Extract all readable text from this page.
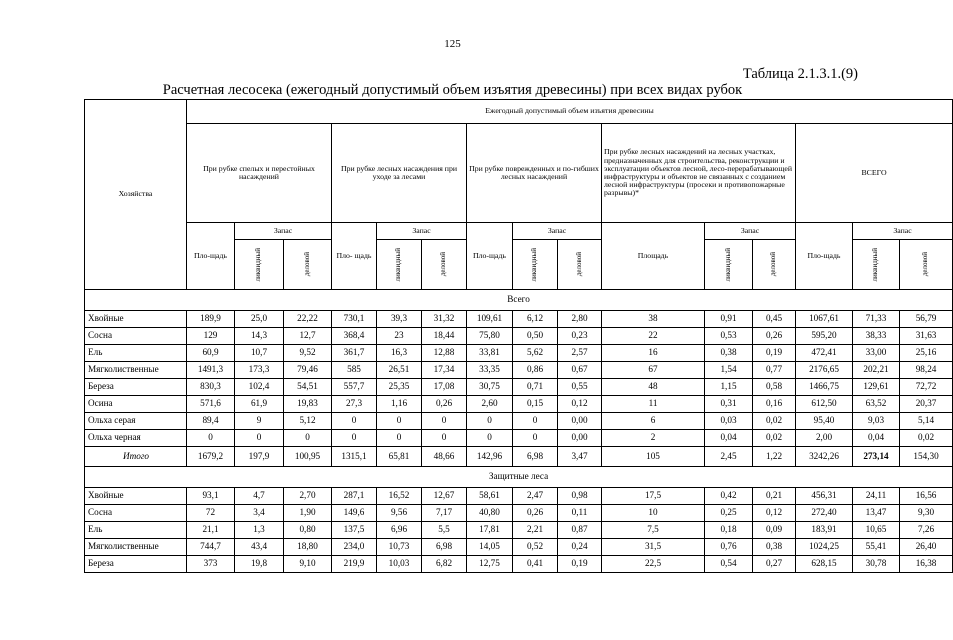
125
Таблица 2.1.3.1.(9)
Расчетная лесосека (ежегодный допустимый объем изъятия древесины) при всех видах рубок
Хозяйства	Ежегодный допустимый объем изъятия древесины														
	При рубке спелых и перестойных насаждений			При рубке лесных насаждения при уходе за лесами			При рубке поврежденных и по-гибших лесных насаждений			При рубке лесных насаждений на лесных участках, предназначенных для строительства, реконструкции и эксплуатации объектов лесной, лесо-перерабатывающей инфраструктуры и объектов не связанных с созданием лесной инфраструктуры (просеки и противопожарные разрывы)*			ВСЕГО		
	Пло-щадь	Запас		Пло- щадь	Запас		Пло-щадь	Запас		Площадь	Запас		Пло-щадь	Запас	

		ликвидный	деловой		ликвидный	деловой		ликвидный	деловой		ликвидный	деловой		ликвидный	деловой

Всего															
Хвойные	189,9	25,0	22,22	730,1	39,3	31,32	109,61	6,12	2,80	38	0,91	0,45	1067,61	71,33	56,79
Сосна	129	14,3	12,7	368,4	23	18,44	75,80	0,50	0,23	22	0,53	0,26	595,20	38,33	31,63
Ель	60,9	10,7	9,52	361,7	16,3	12,88	33,81	5,62	2,57	16	0,38	0,19	472,41	33,00	25,16
Мягколиственные	1491,3	173,3	79,46	585	26,51	17,34	33,35	0,86	0,67	67	1,54	0,77	2176,65	202,21	98,24
Береза	830,3	102,4	54,51	557,7	25,35	17,08	30,75	0,71	0,55	48	1,15	0,58	1466,75	129,61	72,72
Осина	571,6	61,9	19,83	27,3	1,16	0,26	2,60	0,15	0,12	11	0,31	0,16	612,50	63,52	20,37
Ольха серая	89,4	9	5,12	0	0	0	0	0	0,00	6	0,03	0,02	95,40	9,03	5,14
Ольха черная	0	0	0	0	0	0	0	0	0,00	2	0,04	0,02	2,00	0,04	0,02
Итого	1679,2	197,9	100,95	1315,1	65,81	48,66	142,96	6,98	3,47	105	2,45	1,22	3242,26	273,14	154,30
Защитные леса															
Хвойные	93,1	4,7	2,70	287,1	16,52	12,67	58,61	2,47	0,98	17,5	0,42	0,21	456,31	24,11	16,56
Сосна	72	3,4	1,90	149,6	9,56	7,17	40,80	0,26	0,11	10	0,25	0,12	272,40	13,47	9,30
Ель	21,1	1,3	0,80	137,5	6,96	5,5	17,81	2,21	0,87	7,5	0,18	0,09	183,91	10,65	7,26
Мягколиственные	744,7	43,4	18,80	234,0	10,73	6,98	14,05	0,52	0,24	31,5	0,76	0,38	1024,25	55,41	26,40
Береза	373	19,8	9,10	219,9	10,03	6,82	12,75	0,41	0,19	22,5	0,54	0,27	628,15	30,78	16,38
